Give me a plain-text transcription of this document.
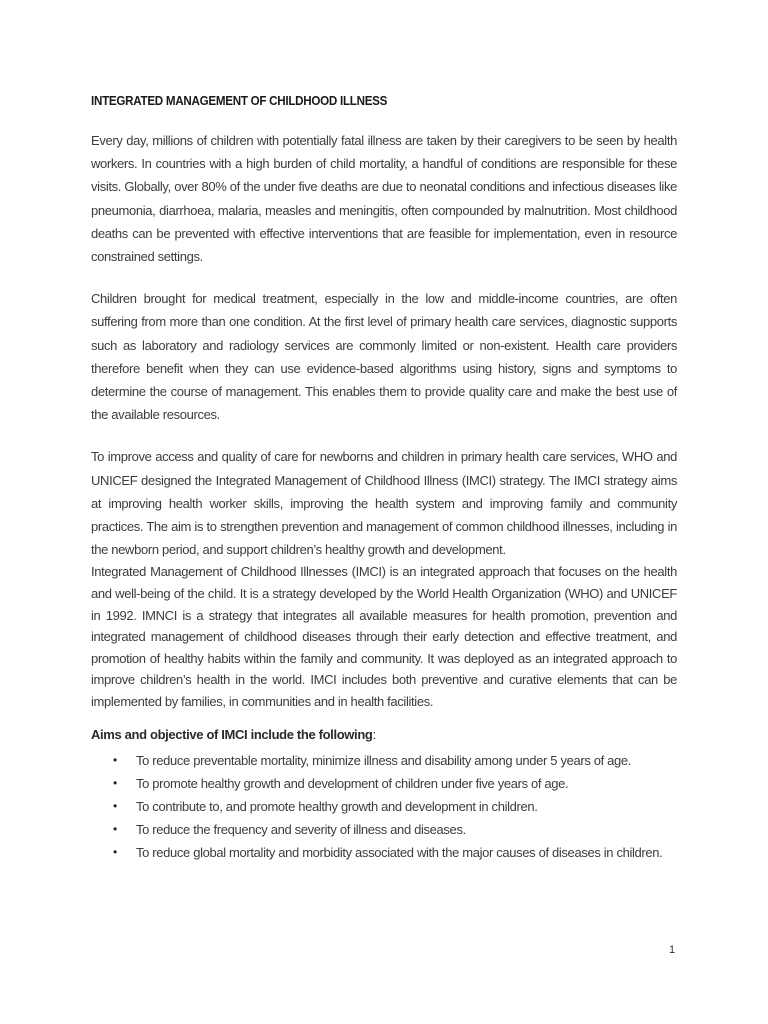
INTEGRATED MANAGEMENT OF CHILDHOOD ILLNESS

Every day, millions of children with potentially fatal illness are taken by their caregivers to be seen by health workers. In countries with a high burden of child mortality, a handful of conditions are responsible for these visits. Globally, over 80% of the under five deaths are due to neonatal conditions and infectious diseases like pneumonia, diarrhoea, malaria, measles and meningitis, often compounded by malnutrition. Most childhood deaths can be prevented with effective interventions that are feasible for implementation, even in resource constrained settings.

Children brought for medical treatment, especially in the low and middle-income countries, are often suffering from more than one condition. At the first level of primary health care services, diagnostic supports such as laboratory and radiology services are commonly limited or non-existent. Health care providers therefore benefit when they can use evidence-based algorithms using history, signs and symptoms to determine the course of management. This enables them to provide quality care and make the best use of the available resources.

To improve access and quality of care for newborns and children in primary health care services, WHO and UNICEF designed the Integrated Management of Childhood Illness (IMCI) strategy. The IMCI strategy aims at improving health worker skills, improving the health system and improving family and community practices. The aim is to strengthen prevention and management of common childhood illnesses, including in the newborn period, and support children’s healthy growth and development.

Integrated Management of Childhood Illnesses (IMCI) is an integrated approach that focuses on the health and well-being of the child. It is a strategy developed by the World Health Organization (WHO) and UNICEF in 1992. IMNCI is a strategy that integrates all available measures for health promotion, prevention and integrated management of childhood diseases through their early detection and effective treatment, and promotion of healthy habits within the family and community. It was deployed as an integrated approach to improve children’s health in the world. IMCI includes both preventive and curative elements that can be implemented by families, in communities and in health facilities.

Aims and objective of IMCI include the following:

• To reduce preventable mortality, minimize illness and disability among under 5 years of age.
• To promote healthy growth and development of children under five years of age.
• To contribute to, and promote healthy growth and development in children.
• To reduce the frequency and severity of illness and diseases.
• To reduce global mortality and morbidity associated with the major causes of diseases in children.
1
